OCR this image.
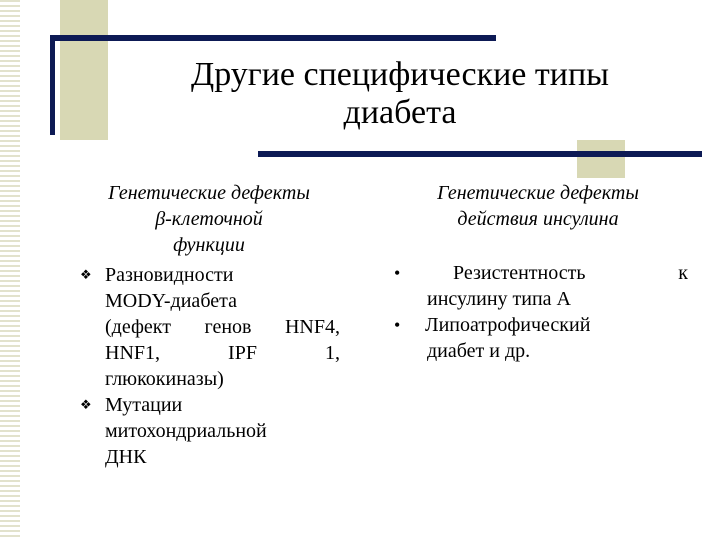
Другие специфические типы
диабета
Генетические дефекты
β-клеточной
функции
❖ Разновидности
MODY-диабета
(дефект генов HNF4,
HNF1, IPF 1,
глюкокиназы)
❖ Мутации
митохондриальной
ДНК
Генетические дефекты
действия инсулина
•	Резистентность к
инсулину типа А
•	Липоатрофический
диабет и др.
